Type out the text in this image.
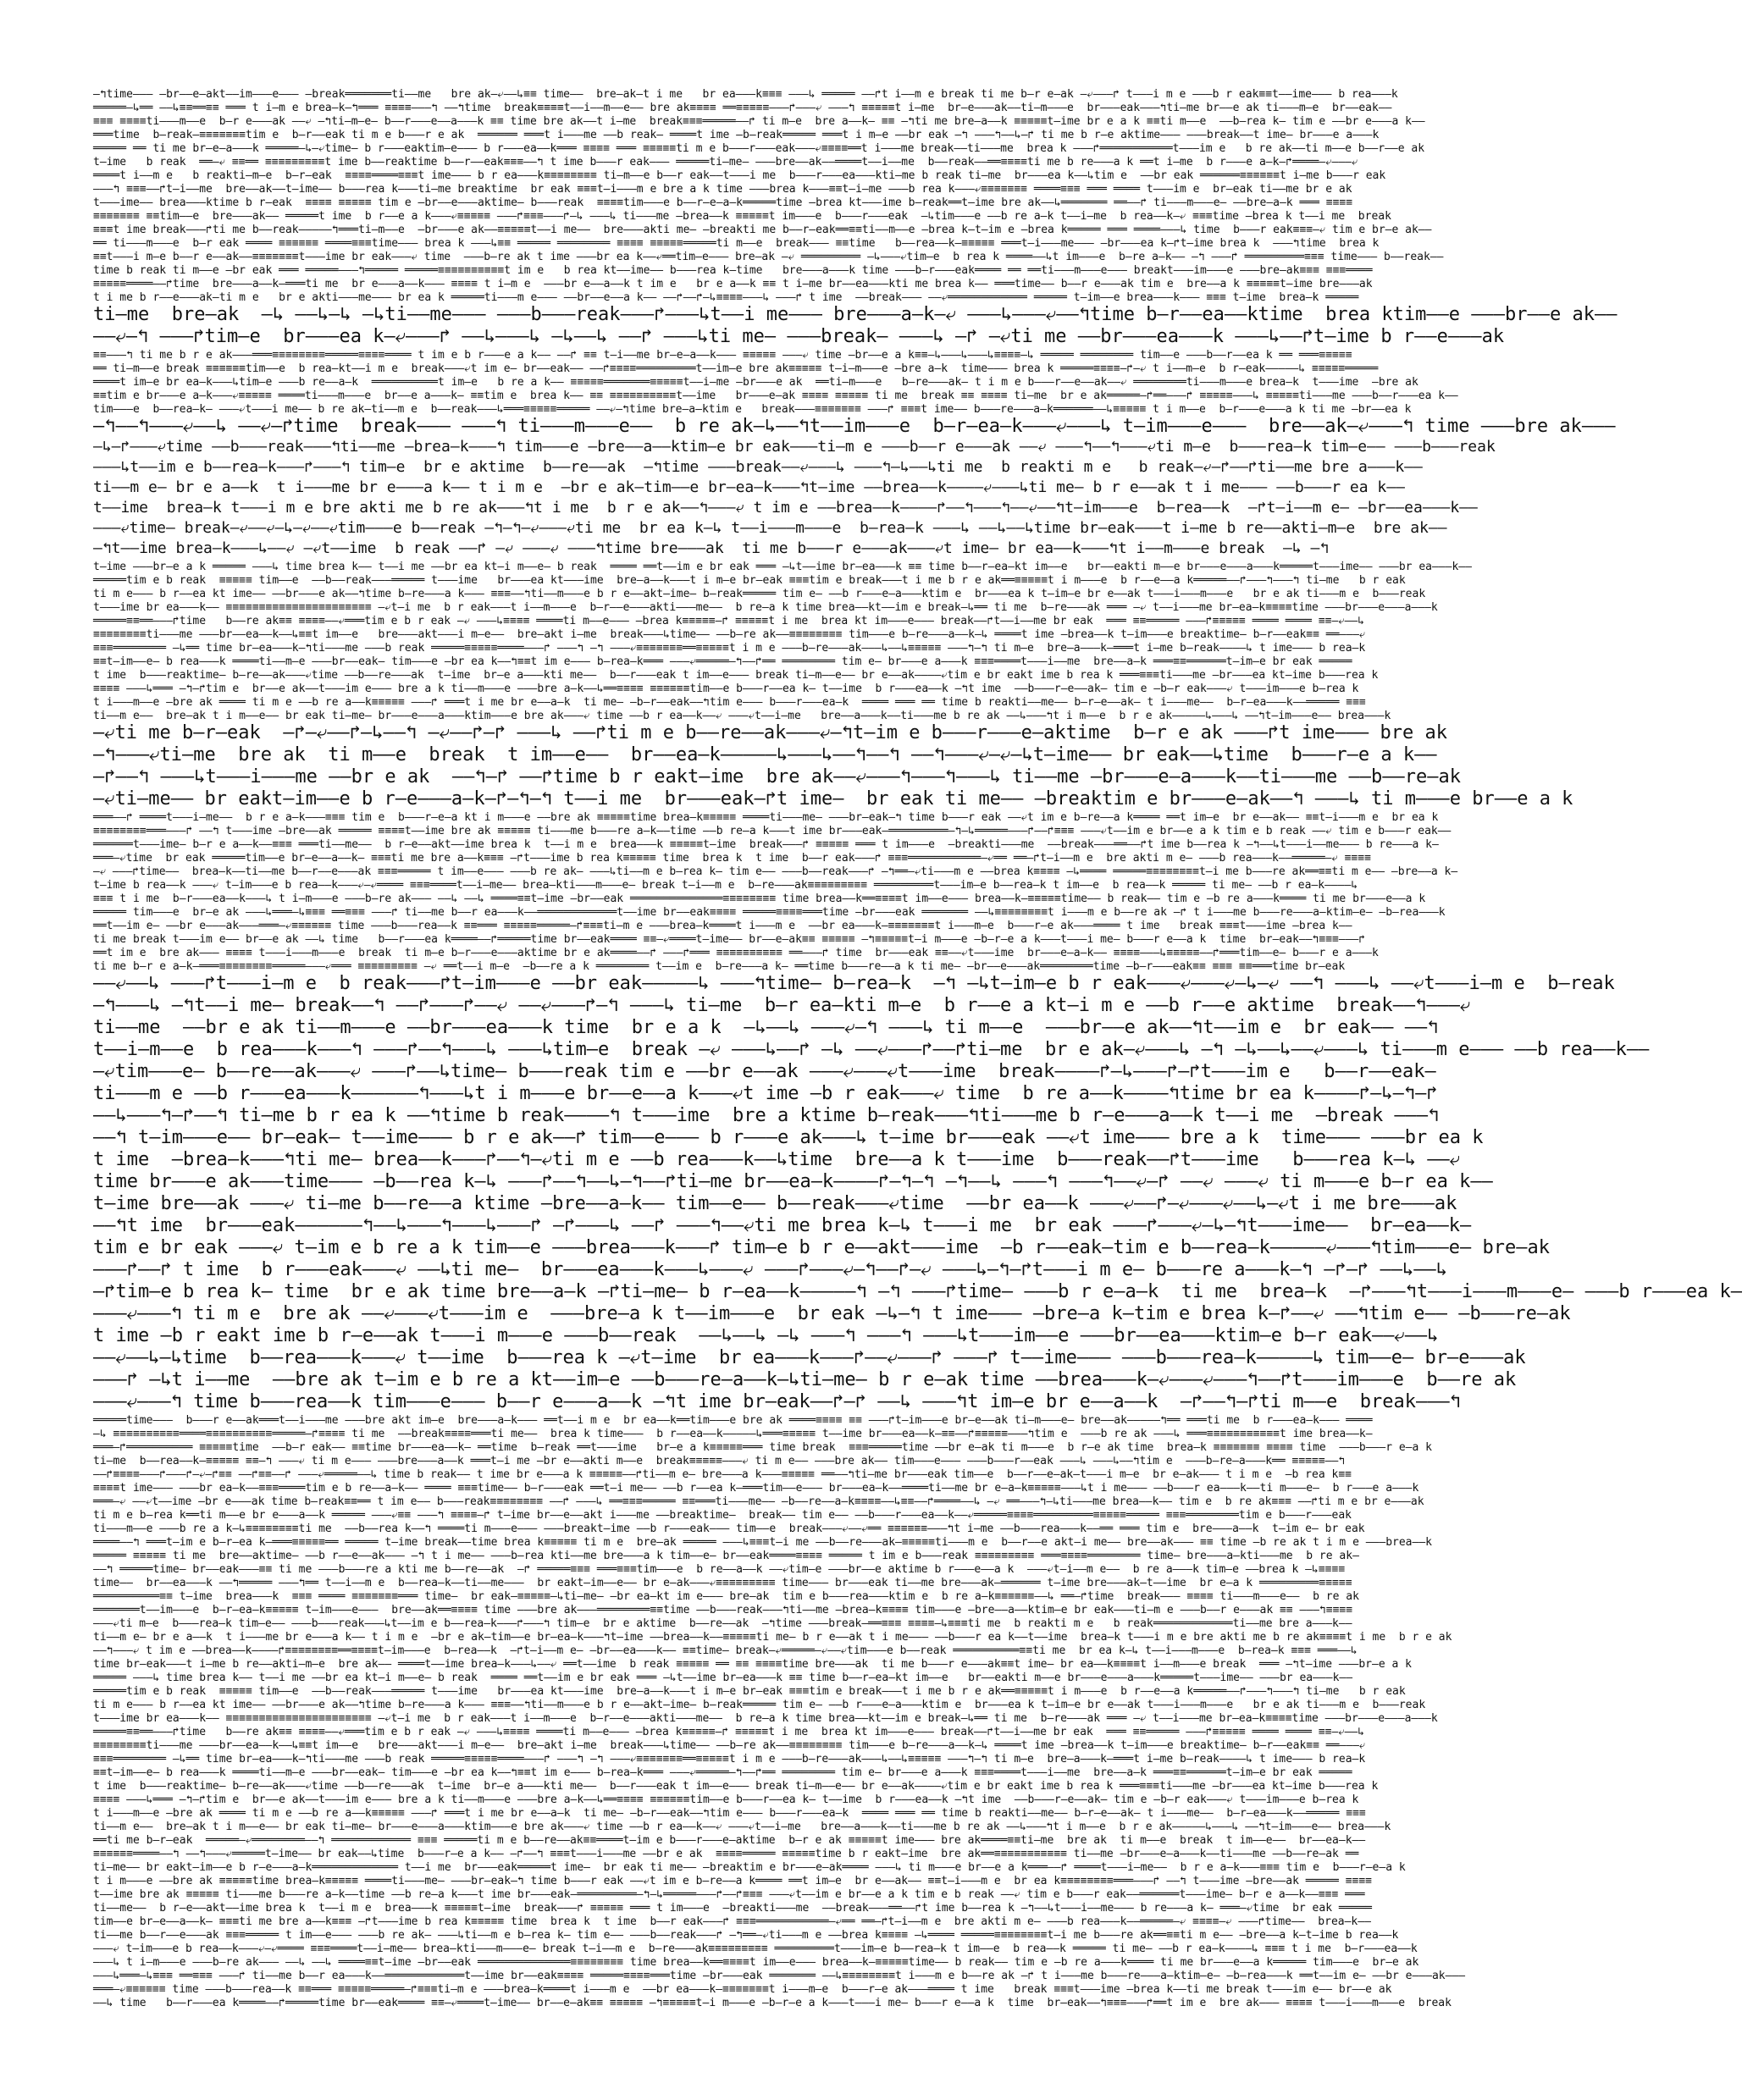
—↰time——— —br——e—akt——im———e——— —break═══════ti——me   bre ak—⤶——↳≡≡ time——  bre—ak—t i me   br ea———k≡≡≡ ———↳ ═════ ——↱t i——m e break ti me b—r e—ak —⤶———↱ t———i m e ———b r eak≡≡t——ime——— b rea———k
═════—↳══ ——↳≡≡══≡≡ ═══ t i—m e brea—k—↰═══ ≡≡≡≡———↰ ——↰time  break≡≡≡≡t——i——m——e—— bre ak≡≡≡≡ ══≡≡≡≡≡———↱———⤶ ———↰ ≡≡≡≡≡t i—me  br—e———ak——ti—m———e  br———eak———↰ti—me br——e ak ti———m—e  br——eak——
≡≡≡ ≡≡≡≡ti———m——e  b—r e———ak ——⤶ —↰ti—m—e— b——r———e——a———k ≡≡ time bre ak——t i—me  break≡≡≡═════——↱ ti m—e  bre a——k— ≡≡ —↰ti me bre—a——k ≡≡≡≡≡t—ime br e a k ≡≡ti m——e  ——b—rea k— tim e ——br e———a k——
═══time  b—reak—≡≡≡≡≡≡≡tim e  b—r——eak ti m e b———r e ak  ══════ ═══t i———me ——b reak— ════t ime —b—reak═════ ═══t i m—e ——br eak —↰ ———↰——↳—↱ ti me b r—e aktime——— ———break——t ime— br———e a———k
═════ ══ ti me br—e—a———k ═════—↳—⤶time— b r———eaktim—e——— b r———ea——k═══ ≡≡≡≡ ═══ ≡≡≡≡≡ti m e b———r———eak———⤶≡≡≡≡══t i———me break——ti———me  brea k ———↱═══════════t———im e   b re ak——ti m——e b——r——e ak
t—ime   b reak  ══—⤶ ≡≡══ ≡≡≡≡≡≡≡≡≡t ime b——reaktime b——r——eak≡≡≡——↰ t ime b———r eak——— ═════ti—me— ———bre——ak——════t——i——me  b——reak——══≡≡≡≡ti me b re———a k ══t i—me  b r———e a—k—↱════—⤶———⤶
════t i——m e   b reakti—m—e  b—r—eak  ≡≡≡≡════≡≡≡t ime——— b r ea———k≡≡≡≡≡≡≡≡ ti—m——e b——r eak——t———i me  b———r———ea———kti—me b reak ti—me  br———ea k——↳tim e  ——br eak ══════≡≡≡≡≡≡t i—me b———r eak
———↰ ≡≡≡——↱t—i——me  bre——ak——t—ime—— b———rea k———ti—me breaktime  br eak ≡≡≡t—i———m e bre a k time ———brea k———≡≡t—i—me ———b rea k———⤶≡≡≡≡≡≡≡ ════≡≡≡ ═══ ════ t———im e  br—eak ti——me br e ak
t———ime—— brea———ktime b r—eak  ≡≡≡≡ ≡≡≡≡≡ tim e —br——e———aktime— b———reak  ≡≡≡≡tim———e b——r—e—a—k═════time —brea kt———ime b—reak══t—ime bre ak——↳═══════ ══——↱ ti———m———e— ——bre—a—k ═══ ≡≡≡≡
≡≡≡≡≡≡≡ ≡≡tim——e  bre———ak—— ═════t ime  b r——e a k———⤶≡≡≡≡≡ ———↱≡≡≡———↱—↳ ———↳ ti———me —brea——k ≡≡≡≡≡t im———e  b———r———eak  —↳tim———e ——b re a—k t——i—me  b rea——k—⤶ ≡≡≡time —brea k t——i me  break
≡≡≡t ime break———↱ti me b——reak—————↰═══ti—m——e  —br———e ak——≡≡≡≡≡t——i me——  bre———akti me— —breakti me b——r—eak══≡≡ti——m——e —brea k—t—im e —brea k═════ ═══ ════———↳ time  b———r eak≡≡≡—⤶ tim e br—e ak——
══ ti———m———e  b—r eak ════ ≡≡≡≡≡≡ ════≡≡≡time——— brea k ———↳≡≡ ═════ ════════ ≡≡≡≡ ≡≡≡≡≡═════ti m——e  break——— ≡≡time   b——rea——k—≡≡≡≡≡ ═══t—i———me——— —br———ea k—↱t—ime brea k  ———↰time  brea k
≡≡t———i m—e b——r e——ak——≡≡≡≡≡≡≡t———ime br eak———⤶ time  ———b—re ak t ime ———br ea k——⤶══tim—e——— bre—ak —⤶ ═════════ —↳———⤶tim—e  b rea k ════——↳t im———e  b—re a—k—— —↰ ———↱ ═════════≡≡≡ time——— b——reak——
time b reak ti m——e —br eak ═══ ═════———↰═════ ═════≡≡≡≡≡≡≡≡≡≡t im e   b rea kt——ime—— b———rea k—time   bre———a———k time ———b—r———eak════ ══ ══ti———m———e——— breakt———im———e ———bre—ak≡≡≡ ≡≡≡════
≡≡≡≡≡════——↱time  bre———a——k—═══ti me  br e———a——k——— ≡≡≡≡ t i—m e  ———br e——a——k t im e   br e a——k ≡≡ t i—me br——ea———kti me brea k—— ═══time—— b——r e———ak tim e  bre——a k ≡≡≡≡≡t—ime bre———ak
t i me b r——e———ak—ti m e   br e akti———me——— br ea k ═════ti———m e——— ——br——e——a k—— ——↱——↱—↳≡≡≡≡———↳ ———↱ t ime  ——break——— ——⤶════════════ ═════ t—im——e brea———k——— ≡≡≡ t—ime  brea—k ═════
ti—me  bre—ak  —↳ ——↳—↳ —↳ti——me——— ———b———reak———↱———↳t——i me——— bre———a—k—⤶ ———↳———⤶——↰time b—r——ea——ktime  brea ktim——e ———br——e ak——
——⤶—↰ ———↱tim—e  br———ea k—⤶———↱ ——↳———↳ —↳——↳ ——↱ ———↳ti me— ———break— ———↳ —↱ —⤶ti me ——br———ea———k ———↳——↱t—ime b r——e———ak
≡≡———↰ ti me b r e ak———═══≡≡≡≡≡≡≡≡═════≡≡≡≡════ t im e b r———e a k—— ——↱ ≡≡ t—i——me br—e—a——k——— ≡≡≡≡≡ ———⤶ time —br——e a k≡≡—↳———↳———↳≡≡≡≡—↳ ═════ ════════ tim——e ———b——r——ea k ══ ═══≡≡≡≡≡
══ ti—m——e break ≡≡≡≡≡≡tim——e  b rea—kt——i m e  break———⤶t im e— br——eak—— ——↱≡≡≡≡═════════t——im—e bre ak≡≡≡≡≡ t—i—m———e —bre a—k  time——— brea k ═════≡≡≡≡—↱—⤶ t i——m—e  b r—eak—————↳ ≡≡≡≡≡═════
════t im—e br ea—k———↳tim—e ———b re——a—k  ══════════t im—e   b re a k—— ≡≡≡≡≡═══════≡≡≡≡≡t——i—me —br———e ak  ══ti—m———e   b—re———ak— t i m e b———r——e——ak——⤶ ════════ti———m———e brea—k  t———ime  —bre ak
≡≡tim e br———e a—k———⤶≡≡≡≡≡ ════ti———m———e  br——e a———k— ≡≡tim e  brea k—— ≡≡ ≡≡≡≡≡≡≡≡≡≡t——ime   br———e—ak ≡≡≡≡ ≡≡≡≡≡ ti me  break ≡≡ ≡≡≡≡ ti—me  br e ak═════—↱══———↱ ≡≡≡≡≡———↳ ≡≡≡≡≡ti———me ———b——r———ea k——
tim———e  b——rea—k— ———⤶t———i me—— b re ak—ti——m e  b——reak———↳═══≡≡≡≡≡═════ ——⤶—↰time bre—a—ktim e   break———≡≡≡≡≡≡≡ ———↱ ≡≡≡t ime—— b———re———a—k══════——↳≡≡≡≡≡ t i m——e  b—r———e———a k ti me —br——ea k
—↰——↰———⤶——↳ ——⤶—↱time  break——— ———↰ ti———m———e——  b re ak—↳——↰t——im———e  b—r—ea—k———⤶———↳ t—im———e———  bre——ak—⤶———↰ time ———bre ak———
—↳—↱———⤶time ——b———reak———↰ti——me —brea—k———↰ tim———e —bre——a——ktim—e br eak———ti—m e ———b——r e———ak ——⤶ ———↰——↰———⤶ti m—e  b———rea—k tim—e—— ———b———reak
———↳t——im e b——rea—k———↱———↰ tim—e  br e aktime  b——re——ak  —↰time ———break——⤶———↳ ———↰—↳——↳ti me  b reakti m e   b reak—⤶—↱——↱ti——me bre a———k——
ti——m e— br e a——k  t i———me br e———a k—— t i m e  —br e ak—tim——e br—ea—k———↰t—ime ——brea——k————⤶———↳ti me— b r e——ak t i me——— ——b———r ea k——
t——ime  brea—k t———i m e bre akti me b re ak———↰t i me  b r e ak——↰———⤶ t im e ——brea——k————↱——↰———↰——⤶——↰t—im———e  b—rea——k  —↱t—i——m e— —br——ea———k——
———⤶time— break—⤶——⤶—↳—⤶——⤶tim———e b——reak —↰—↰—⤶———⤶ti me  br ea k—↳ t——i———m———e  b—rea—k ———↳ ——↳——↳time br—eak———t i—me b re——akti—m—e  bre ak——
—↰t——ime brea—k———↳——⤶ —⤶t——ime  b reak ——↱ —⤶ ———⤶ ———↰time bre———ak  ti me b———r e———ak———⤶t ime— br ea——k———↰t i——m———e break  —↳ —↰
t—ime ———br—e a k ═════ ———↳ time brea k—— t——i me ——br ea kt—i m——e— b reak  ════ ══t——im e br eak ═══ —↳t——ime br—ea———k ≡≡ time b——r—ea—kt im——e   br——eakti m——e br———e———a———k═════t———ime—— ———br ea———k——
═════tim e b reak  ≡≡≡≡≡ tim——e  ——b——reak———═════ t———ime   br———ea kt———ime  bre—a——k———t i m—e br—eak ≡≡≡tim e break———t i me b r e ak══≡≡≡≡≡t i m———e  b r——e——a k═════——↱———↰———↰ ti—me   b r eak
ti m e——— b r——ea kt ime—— ——br———e ak——↰time b—re———a k——— ≡≡≡——↰ti——m———e b r e——akt—ime— b—reak═════ tim e— ——b r———e—a———ktim e  br———ea k t—im—e br e——ak t———i———m———e   br e ak ti———m e  b———reak
t———ime br ea———k—— ≡≡≡≡≡≡≡≡≡≡≡≡≡≡≡≡≡≡≡≡≡≡ —⤶t—i me  b r eak———t i——m———e  b—r——e———akti———me——  b re—a k time brea——kt——im e break—↳══ ti me  b—re———ak ═══ —⤶ t——i———me br—ea—k≡≡≡≡time ———br———e———a———k
═════≡≡══———↱time   b——re ak≡≡ ≡≡≡≡——⤶═══tim e b r eak —⤶ ———↳≡≡≡≡ ════ti m——e——— —brea k≡≡≡≡≡—↱ ≡≡≡≡≡t i me  brea kt im———e——— break——↱t——i——me br eak  ═══ ≡≡═════ ———↱≡≡≡≡≡ ════ ════ ≡≡—⤶——↳
≡≡≡≡≡≡≡≡ti———me ———br——ea——k——↳≡≡t im——e   bre———akt———i m—e——  bre—akt i—me  break———↳time—— ——b—re ak——≡≡≡≡≡≡≡≡ tim———e b—re———a——k—↳ ════t ime —brea——k t—im———e breaktime— b—r——eak≡≡ ══———⤶
≡≡≡════════ —↳══ time br—ea———k—↰ti———me ———b reak ═════≡≡≡≡≡════———↱ ———↰ —↰ ———⤶≡≡≡≡≡≡≡══≡≡≡≡≡t i m e ———b—re———ak———↳——↳≡≡≡≡≡ ———↰—↰ ti m—e  bre—a———k—═══t i—me b—reak————↳ t ime——— b rea—k
≡≡t—im——e— b rea———k ════ti——m—e ———br——eak— tim———e —br ea k——↰≡≡t im e——— b—rea—k═══ ———⤶═════—↰——↱══ ════════ tim e— br———e a———k ≡≡≡════t———i——me  bre——a—k ═══≡≡══════t—im—e br eak ═════
t ime  b———reaktime— b—re——ak———⤶time ——b——re———ak  t—ime  br—e a———kti me——  b——r———eak t im——e——— break ti—m——e—— br e——ak————⤶tim e br eakt ime b rea k ═══≡≡≡ti———me —br———ea kt—ime b———rea k
≡≡≡≡ ———↳═══ —↰—↱tim e  br——e ak——t———im e——— bre a k ti——m———e ———bre a—k——↳══≡≡≡≡ ≡≡≡≡≡≡tim——e b———r——ea k— t——ime  b r———ea——k —↰t ime  ——b———r—e——ak— tim e —b—r eak———⤶ t———im———e b—rea k
t i———m——e —bre ak ════ ti m e ——b re a——k≡≡≡≡≡ ———↱ ═══t i me br e——a—k  ti me— —b—r——eak——↰tim e——— b———r———ea—k  ════ ═══ ══ time b reakti——me—— b—r—e——ak— t i———me——  b—r—ea———k——═════ ≡≡≡
ti——m e——  bre—ak t i m——e—— br eak ti—me— br———e———a———ktim———e bre ak———⤶ time ——b r ea——k——⤶ ———⤶t——i—me   bre——a———k——ti———me b re ak ——↳———↰t i m——e  b r e ak—————↳———↳ ——↰t—im———e—— brea———k
—⤶ti me b—r—eak  —↱—⤶——↱—↳——↰ —⤶——↱—↱ ———↳ ——↱ti m e b——re——ak———⤶—↰t—im e b———r———e—aktime  b—r e ak ———↱t ime——— bre ak
—↰———⤶ti—me  bre ak  ti m——e  break  t im——e——  br——ea—k—————↳———↳——↰——↰ ——↰———⤶—⤶—↳t—ime—— br eak——↳time  b———r—e a k——
—↱——↰ ———↳t———i———me ——br e ak  ——↰—↱ ——↱time b r eakt—ime  bre ak——⤶———↰———↰———↳ ti——me —br———e—a———k——ti———me ——b——re—ak
—⤶ti—me—— br eakt—im——e b r—e———a—k—↱—↰—↰ t——i me  br———eak—↱t ime—  br eak ti me—— —breaktim e br———e—ak——↰ ———↳ ti m———e br——e a k
═══——↱ ════t———i—me——  b r e a—k———≡≡≡ tim e  b———r—e—a kt i m———e ——bre ak ≡≡≡≡≡time brea—k≡≡≡≡≡ ════ti———me— ———br—eak—↰ time b———r eak ——⤶t im e b—re——a k════ ══t im—e  br e——ak—— ≡≡t—i———m e  br ea k
≡≡≡≡≡≡≡≡═══———↱ ——↰ t———ime —bre——ak ═════ ≡≡≡≡t——ime bre ak ≡≡≡≡≡ ti———me b———re a—k——time ——b re—a k———t ime br———eak—═════════—↰—↳═════———↱——↱≡≡≡ ———⤶t——im e br——e a k tim e b reak ——⤶ tim e b———r eak——
══════t———ime— b—r e a——k——≡≡≡ ═══ti——me——  b r—e——akt——ime brea k  t——i m e  brea———k ≡≡≡≡≡t—ime  break———↱ ≡≡≡≡≡ ═══ t im———e  —breakti———me  ——break———══——↱t ime b——rea k —↰——↳t———i——me——— b re———a k—
═══—⤶time  br eak ═════tim——e br—e——a——k— ≡≡≡ti me bre a——k≡≡≡ —↱t———ime b rea k≡≡≡≡≡ time  brea k  t ime  b——r eak———↱ ≡≡≡═══════════—⤶══ ══—↱t—i——m e  bre akti m e— ———b rea———k——═════—⤶ ≡≡≡≡
—⤶ ———↱time——  brea—k——ti——me b——r——e———ak ≡≡≡═════ t im——e——— ———b re ak— ———↳ti——m e b—rea k— tim e—— ———b——reak———↱ —↰══—⤶ti———m e ——brea k≡≡≡≡ —↳════ ═════≡≡≡≡≡≡≡≡t—i me b———re ak══≡≡ti m e—— —bre——a k—
t—ime b rea——k ———⤶ t—im———e b rea——k———⤶—⤶════ ≡≡≡════t——i—me—— brea—kti———m———e— break t—i——m e  b—re———ak≡≡≡≡≡≡≡≡≡ ═════════t———im—e b——rea—k t im——e  b rea——k ═════ ti me— ——b r ea—k————↳
≡≡≡ t i me  b—r———ea——k———↳ t i—m———e ———b—re ak——— ——↳ ——↳ ════≡≡t—ime —br——eak ══════════════≡≡≡≡≡≡≡≡ time brea——k══≡≡≡≡t im——e——— brea——k—≡≡≡≡≡time—— b reak—— tim e —b re a———k════ ti me br———e——a k
═════ tim———e  br—e ak ———↳═══—↳≡≡≡ ══≡≡≡ ———↱ ti——me b——r ea———k——════════════t——ime br——eak≡≡≡≡ ═════≡≡≡≡═══time —br———eak ═══════ ——↳≡≡≡≡≡≡≡≡t i———m e b——re ak —↱ t i———me b———re———a—ktim—e— —b—rea———k
══t——im e— ——br e———ak———═══—⤶≡≡≡≡≡≡ time ———b———rea——k ≡≡═══ ≡≡≡≡≡═════—↱≡≡≡ti—m e ———brea—k════t i———m e  ——br ea———k—≡≡≡≡≡≡≡t i———m—e  b———r—e ak———════ t ime   break ≡≡≡t———ime —brea k——
ti me break t———im e—— br——e ak ——↳ time   b——r———ea k════——↱═════time br——eak════ ≡≡—⤶════t—ime—— br——e—ak≡≡ ≡≡≡≡≡ —↰≡≡≡≡≡t—i m———e —b—r—e a k———t———i me— b———r e——a k  time  br—eak——↰≡≡≡———↱
══t im e  bre ak——— ≡≡≡≡ t———i———m———e  break  ti m—e b—r———e———aktime br e ak════——↱ ———↱═══ ≡≡≡≡≡≡≡≡≡≡ ══———↱ time  br———eak ≡≡——⤶t———ime  br———e—a—k—— ≡≡≡≡———↳≡≡≡≡≡——↱═══tim——e— b———r e a———k
ti me b—r e a—k—═══≡≡≡≡≡≡≡≡═════———⤶═══ ≡≡≡≡≡≡≡≡≡ —⤶ ══t——i m—e  —b——re a k ════════ t——im e  b—re———a k— ══time b———re——a k ti me— —br——e———ak════════time —b—r———eak≡≡ ≡≡≡ ≡≡═══time br—eak
——⤶——↳ ———↱t———i—m e  b reak———↱t—im———e ——br eak—————↳ ———↰time— b—rea—k  —↰ —↳t—im—e b r eak———⤶———⤶—↳—⤶ ——↰ ———↳ ——⤶t———i—m e  b—reak
—↰———↳ —↰t——i me— break——↰ ——↱———↱——⤶ ——⤶———↱—↰ ———↳ ti—me  b—r ea—kti m—e  b r——e a kt—i m e ——b r——e aktime  break——↰———⤶
ti——me  ——br e ak ti——m———e ——br———ea———k time  br e a k  —↳——↳ ———⤶—↰ ———↳ ti m——e  ———br——e ak——↰t——im e  br eak—— ——↰
t——i—m——e  b rea———k———↰ ———↱——↰———↳ ———↳tim—e  break —⤶ ———↳——↱ —↳ ——⤶———↱——↱ti—me  br e ak—⤶———↳ —↰ —↳——↳——⤶———↳ ti———m e——— ——b rea——k——
—⤶tim———e— b——re——ak———⤶ ———↱——↳time— b———reak tim e ——br e——ak ———⤶———⤶t———ime  break————↱—↳———↱—↱t———im e   b——r——eak—
ti———m e ——b r———ea———k——————↰———↳t i m———e br——e——a k———⤶t ime —b r eak———⤶ time  b re a——k————↰time br ea k————↱—↳—↰—↱
——↳———↰—↱——↰ ti—me b r ea k ——↰time b reak————↰ t———ime  bre a ktime b—reak———↰ti———me b r—e———a——k t——i me  —break ———↰
——↰ t—im———e—— br—eak— t——ime——— b r e ak——↱ tim——e——— b r———e ak———↳ t—ime br———eak ——⤶t ime——— bre a k  time——— ———br ea k
t ime  —brea—k———↰ti me— brea——k———↱——↰—⤶ti m e ——b rea———k——↳time  bre——a k t———ime  b———reak——↱t———ime   b———rea k—↳ ——⤶
time br———e ak———time——— —b——rea k—↳ ———↱——↰——↳—↰——↱ti—me br——ea—k————↱—↰—↰ —↰——↳ ———↰ ———↰——⤶—↱ ——⤶ ———⤶ ti m———e b—r ea k——
t—ime bre——ak ———⤶ ti—me b——re——a ktime —bre——a—k—— tim——e—— b——reak———⤶time  ——br ea——k ———⤶——↱—⤶———⤶——↳—⤶t i me bre———ak
——↰t ime  br———eak——————↰——↳———↰———↳———↱ —↱———↳ ——↱ ———↰——⤶ti me brea k—↳ t———i me  br eak ———↱———⤶—↳—↰t———ime——  br—ea——k—
tim e br eak ———⤶ t—im e b re a k tim——e ———brea———k———↱ tim—e b r e——akt———ime  —b r——eak—tim e b——rea—k—————⤶———↰tim———e— bre—ak
———↱——↱ t ime  b r———eak———⤶ ——↳ti me—  br———ea———k———↳———⤶ ———↱———⤶—↰——↱—⤶ ———↳—↰—↱t———i m e— b———re a———k—↰ —↱—↱ ——↳——↳
—↱tim—e b rea k— time  br e ak time bre——a—k —↱ti—me— b r—ea——k—————↰ —↰ ———↱time— ———b r e—a—k  ti me  brea—k  —↱———↰t———i———m———e— ———b r———ea k—
———⤶———↰ ti m e  bre ak ——⤶———⤶t———im e  ———bre—a k t——im———e  br eak —↳—↰ t ime——— —bre—a k—tim e brea k—↱——⤶ ——↰tim e—— —b———re—ak
t ime —b r eakt ime b r—e——ak t———i m———e ———b——reak  ——↳——↳ —↳ ———↰ ———↰ ———↳t———im——e ———br——ea———ktim—e b—r eak——⤶——↳
——⤶——↳—↳time  b——rea———k———⤶ t——ime  b———rea k —⤶t—ime  br ea———k———↱——⤶———↱ ———↱ t——ime——— ———b———rea—k—————↳ tim——e— br—e———ak
———↱ —↳t i——me  ——bre ak t—im e b re a kt——im—e ——b———re—a——k—↳ti—me— b r e—ak time ——brea———k—⤶———⤶———↰——↱t———im———e  b——re ak
———⤶———↰ time b———rea——k tim———e——— b——r e———a——k —↰t ime br—eak——↱—↱ ——↳ ———↰t im—e br e——a——k  —↱——↰—↱ti m——e  break———↰
═════time———  b———r e——ak═══t——i———me ———bre akt im—e  bre———a—k——— ══t——i m e  br ea——k══tim———e bre ak ════≡≡≡≡ ≡≡ ———↱t—im———e br—e——ak ti—m———e— bre——ak—————↰══ ═══ti me  b r———ea—k——— ════
—↳ ≡≡≡≡≡≡≡≡≡≡════≡≡≡≡≡≡≡≡≡≡═════—↱≡≡≡≡ ti me  ——break≡≡≡≡═══ti me——  brea k time———  b r——ea——k—————↳═══≡≡≡≡≡ t——ime br———ea——k—≡≡——↱≡≡≡≡≡———↰tim e  ———b re ak ———↳ ═══≡≡≡≡≡≡≡≡≡≡≡t ime brea——k—
═══—↱══════════ ≡≡≡≡≡time  ——b—r eak—— ≡≡time br———ea——k— ══time  b—reak ══t———ime   br—e a k≡≡≡≡≡═══ time break  ≡≡≡═════time ——br e—ak ti m———e  b r—e ak time  brea—k ≡≡≡≡≡≡≡ ≡≡≡≡ time  ———b———r e—a k
ti—me  b——rea——k—≡≡≡≡≡ ≡≡—↰ ———⤶ ti m e——— ———bre———a——k ═══t—i me —br e——akti m——e  break≡≡≡≡≡———⤶ ti m e—— ———bre ak—— tim———e——— ———b———r——eak ———↳ ———↳——↰tim e  ———b—re—a———k══ ≡≡≡≡≡——↰
——↱≡≡≡≡———↱———↱—⤶—↱≡≡ ——↱≡≡——↱ ———⤶═════——↳ time b reak—— t ime br e———a k ≡≡≡≡≡——↱ti——m e— bre———a k———≡≡≡≡≡ ══——↰ti—me br———eak tim——e  b——r——e—ak—t———i m—e  br e—ak——— t i m e  —b rea k≡≡
≡≡≡≡t ime——— ———br ea—k——≡≡≡════tim e b re——a—k—— ════ ≡≡≡time—— b—r———eak ══t—i me—— ——b r——ea k—═══tim——e——— br———ea—k——════ti——me br e—a—k≡≡≡≡≡———↳t i me——— ——b———r ea———k——ti m———e—  b r———e a———k
═══—⤶ ——⤶t——ime —br e———ak time b—reak≡≡══ t im e—— b———reak≡≡≡≡≡≡≡≡ ——↱ ———↳ ══≡≡≡═════ ≡≡═══ti———me—— —b——re——a—k≡≡≡≡——↳≡≡——↱════——↳ —⤶ ══———↰—↳ti———me brea——k—— tim e  b re ak≡≡≡ ——↱ti m e br e———ak
ti m e b—rea k══ti m——e br e———a——k ═════ ———⤶≡≡ ———↰ ≡≡≡≡—↱ t—ime br——e——akt i———me ——breaktime—  break—— tim e—— ——b———r———ea——k——⤶═════≡≡≡≡═════════≡≡≡≡≡═════ ≡≡≡════════tim e b———r———eak
ti———m——e ———b re a k—↳≡≡≡≡≡≡≡≡ti me  ——b——rea k——↰ ════ti m———e——— ———breakt—ime ——b r———eak——— tim——e  break———⤶——⤶══ ≡≡≡≡≡≡———↰t i—me ——b———rea———k——══ ═══ tim e  bre———a——k  t—im e— br eak
════——↰ ═══t—im e b—r—ea k—═══≡≡≡≡≡══ ═════ t—ime break——time brea k≡≡≡≡≡ ti m e  bre—ak ═════ ———↳≡≡≡t—i me ——b——re———ak—≡≡≡≡≡ti———m e  b——r——e akt—i me—— bre——ak——— ≡≡ time —b re ak t i m e ———brea——k
═════ ≡≡≡≡≡ ti me  bre——aktime— ——b r——e——ak——— —↰ t i me—— ———b—rea kti——me bre———a k tim——e— br——eak════≡≡≡≡ ═════ t im e b———reak ≡≡≡≡≡≡≡≡≡ ═══≡≡≡≡════════ time— bre———a—kti———me  b re ak—
——↰ ═════time— br——eak———≡≡ ti me ———b———re a kti me b——re——ak  —↱ ═════≡≡≡ ═══≡≡≡tim———e  b re——a——k ——⤶tim—e ———br——e aktime b r———e——a k  ———⤶t—i——m e——  b re a———k tim—e ——brea k —↳≡≡≡≡
time——  br——ea———k ——↰═════ ———↰══ t——i——m e  b——rea—k——ti——me———  br eakt—im——e—— br e—ak———⤶≡≡≡≡≡≡≡≡≡ time——— br———eak ti——me bre———ak—══════ t—ime bre———ak—t——ime  br e—a k ═════════≡≡≡≡≡
══════════≡≡ t—ime  brea———k  ≡≡≡ ════ ≡≡≡≡≡≡≡═══ time—  br eak—≡≡≡≡≡—↳ti—me— —br ea—kt im e——— bre—ak  tim e b———rea———ktim e  b re a—k≡≡≡≡≡≡——↳ ══—↱time  break——— ≡≡≡≡ ti———m———e——  b re ak
═══════t——im———e  b—r—ea—k≡≡≡≡≡ t—im———e———  bre——ak══≡≡≡≡ time ———bre ak———════════≡≡time ——b———reak———↰ti——me —brea—k≡≡≡≡ tim———e —bre——a——ktim—e br eak———ti—m e ———b——r e———ak ≡≡ ———↰≡≡≡≡
———⤶ti m—e  b———rea—k tim—e—— ———b———reak———↳t——im e b——rea—k———↱———↰ tim—e  br e aktime  b——re——ak  —↰time ———break—══≡≡≡ ≡≡≡≡—↳≡≡≡ti me  b reakti m e   b reak════════════ti——me bre a———k——
ti——m e— br e a——k  t i———me br e———a k—— t i m e  —br e ak—tim——e br—ea—k———↰t—ime ——brea——k——≡≡≡≡≡ti me— b r e——ak t i me——— ——b———r ea k——t——ime  brea—k t———i m e bre akti me b re ak≡≡≡≡t i me  b r e ak
——↰———⤶ t im e ——brea——k————↱≡≡≡≡≡≡≡≡══≡≡≡≡t—im———e  b—rea——k  —↱t—i——m e— —br——ea———k—— ≡≡time— break—⤶═════—⤶——⤶tim———e b——reak ══════════≡≡ti me  br ea k—↳ t——i———m———e  b—rea—k ≡≡≡ ═══——↳
time br—eak———t i—me b re——akti—m—e  bre ak—— ════t——ime brea—k———↳——⤶ ══t——ime  b reak ≡≡≡≡≡ ══ ≡≡ ≡≡≡≡time bre———ak  ti me b———r e———ak≡≡t ime— br ea——k≡≡≡≡t i——m———e break  ═══ —↰t—ime ———br—e a k
═════ ———↳ time brea k—— t——i me ——br ea kt—i m——e— b reak  ════ ══t——im e br eak ═══ —↳t——ime br—ea———k ≡≡ time b——r—ea—kt im——e   br——eakti m——e br———e———a———k═════t———ime—— ———br ea———k——
═════tim e b reak  ≡≡≡≡≡ tim——e  ——b——reak———═════ t———ime   br———ea kt———ime  bre—a——k———t i m—e br—eak ≡≡≡tim e break———t i me b r e ak══≡≡≡≡≡t i m———e  b r——e——a k═════——↱———↰———↰ ti—me   b r eak
ti m e——— b r——ea kt ime—— ——br———e ak——↰time b—re———a k——— ≡≡≡——↰ti——m———e b r e——akt—ime— b—reak═════ tim e— ——b r———e—a———ktim e  br———ea k t—im—e br e——ak t———i———m———e   br e ak ti———m e  b———reak
t———ime br ea———k—— ≡≡≡≡≡≡≡≡≡≡≡≡≡≡≡≡≡≡≡≡≡≡ —⤶t—i me  b r eak———t i——m———e  b—r——e———akti———me——  b re—a k time brea——kt——im e break—↳══ ti me  b—re———ak ═══ —⤶ t——i———me br—ea—k≡≡≡≡time ———br———e———a———k
═════≡≡══———↱time   b——re ak≡≡ ≡≡≡≡——⤶═══tim e b r eak —⤶ ———↳≡≡≡≡ ════ti m——e——— —brea k≡≡≡≡≡—↱ ≡≡≡≡≡t i me  brea kt im———e——— break——↱t——i——me br eak  ═══ ≡≡═════ ———↱≡≡≡≡≡ ════ ════ ≡≡—⤶——↳
≡≡≡≡≡≡≡≡ti———me ———br——ea——k——↳≡≡t im——e   bre———akt———i m—e——  bre—akt i—me  break———↳time—— ——b—re ak——≡≡≡≡≡≡≡≡ tim———e b—re———a——k—↳ ════t ime —brea——k t—im———e breaktime— b—r——eak≡≡ ══———⤶
≡≡≡════════ —↳══ time br—ea———k—↰ti———me ———b reak ═════≡≡≡≡≡════———↱ ———↰ —↰ ———⤶≡≡≡≡≡≡≡══≡≡≡≡≡t i m e ———b—re———ak———↳——↳≡≡≡≡≡ ———↰—↰ ti m—e  bre—a———k—═══t i—me b—reak————↳ t ime——— b rea—k
≡≡t—im——e— b rea———k ════ti——m—e ———br——eak— tim———e —br ea k——↰≡≡t im e——— b—rea—k═══ ———⤶═════—↰——↱══ ════════ tim e— br———e a———k ≡≡≡════t———i——me  bre——a—k ═══≡≡══════t—im—e br eak ═════
t ime  b———reaktime— b—re——ak———⤶time ——b——re———ak  t—ime  br—e a———kti me——  b——r———eak t im——e——— break ti—m——e—— br e——ak————⤶tim e br eakt ime b rea k ═══≡≡≡ti———me —br———ea kt—ime b———rea k
≡≡≡≡ ———↳═══ —↰—↱tim e  br——e ak——t———im e——— bre a k ti——m———e ———bre a—k——↳══≡≡≡≡ ≡≡≡≡≡≡tim——e b———r——ea k— t——ime  b r———ea——k —↰t ime  ——b———r—e——ak— tim e —b—r eak———⤶ t———im———e b—rea k
t i———m——e —bre ak ════ ti m e ——b re a——k≡≡≡≡≡ ———↱ ═══t i me br e——a—k  ti me— —b—r——eak——↰tim e——— b———r———ea—k  ════ ═══ ══ time b reakti——me—— b—r—e——ak— t i———me——  b—r—ea———k——═════ ≡≡≡
ti——m e——  bre—ak t i m——e—— br eak ti—me— br———e———a———ktim———e bre ak———⤶ time ——b r ea——k——⤶ ———⤶t——i—me   bre——a———k——ti———me b re ak ——↳———↰t i m——e  b r e ak—————↳———↳ ——↰t—im———e—— brea———k
══ti me b—r—eak  ═════—⤶════════——↰ ════════════ ≡≡≡ ═════ti m e b——re——ak≡≡════t—im e b———r———e—aktime  b—r e ak ≡≡≡≡≡t ime——— bre ak════≡≡ti—me  bre ak  ti m——e  break  t im——e——  br——ea—k——
≡≡≡≡≡≡════——↰ ——↰———⤶═════t—ime—— br eak——↳time  b———r—e a k—— —↱——↰ ≡≡≡t———i———me ——br e ak  ≡≡≡≡═════ ≡≡≡≡≡time b r eakt—ime  bre ak══≡≡≡≡≡≡≡≡≡≡≡ ti——me —br———e—a———k——ti———me ——b——re—ak ══
ti—me—— br eakt—im——e b r—e———a—k═════════════ t——i me  br———eak═════t ime—  br eak ti me—— —breaktim e br———e—ak════ ———↳ ti m———e br——e a k═══——↱ ════t———i—me——  b r e a—k———≡≡≡ tim e  b———r—e—a k
t i m———e ——bre ak ≡≡≡≡≡time brea—k≡≡≡≡≡ ════ti———me— ———br—eak—↰ time b———r eak ——⤶t im e b—re——a k════ ══t im—e  br e——ak—— ≡≡t—i———m e  br ea k≡≡≡≡≡≡≡≡═══———↱ ——↰ t———ime —bre——ak ═════ ≡≡≡≡
t——ime bre ak ≡≡≡≡≡ ti———me b———re a—k——time ——b re—a k———t ime br———eak—═════════—↰—↳═════———↱——↱≡≡≡ ———⤶t——im e br——e a k tim e b reak ——⤶ tim e b———r eak——══════t———ime— b—r e a——k——≡≡≡ ═══
ti——me——  b r—e——akt——ime brea k  t——i m e  brea———k ≡≡≡≡≡t—ime  break———↱ ≡≡≡≡≡ ═══ t im———e  —breakti———me  ——break———══——↱t ime b——rea k —↰——↳t———i——me——— b re———a k— ═══—⤶time  br eak ═════
tim——e br—e——a——k— ≡≡≡ti me bre a——k≡≡≡ —↱t———ime b rea k≡≡≡≡≡ time  brea k  t ime  b——r eak———↱ ≡≡≡═══════════—⤶══ ══—↱t—i——m e  bre akti m e— ———b rea———k——═════—⤶ ≡≡≡≡—⤶ ———↱time——  brea—k——
ti——me b——r——e———ak ≡≡≡═════ t im——e——— ———b re ak— ———↳ti——m e b—rea k— tim e—— ———b——reak———↱ —↰══—⤶ti———m e ——brea k≡≡≡≡ —↳════ ═════≡≡≡≡≡≡≡≡t—i me b———re ak══≡≡ti m e—— —bre——a k—t—ime b rea——k
———⤶ t—im———e b rea——k———⤶—⤶════ ≡≡≡════t——i—me—— brea—kti———m———e— break t—i——m e  b—re———ak≡≡≡≡≡≡≡≡≡ ═════════t———im—e b——rea—k t im——e  b rea——k ═════ ti me— ——b r ea—k————↳ ≡≡≡ t i me  b—r———ea——k
———↳ t i—m———e ———b—re ak——— ——↳ ——↳ ════≡≡t—ime —br——eak ══════════════≡≡≡≡≡≡≡≡ time brea——k══≡≡≡≡t im——e——— brea——k—≡≡≡≡≡time—— b reak—— tim e —b re a———k════ ti me br———e——a k═════ tim———e  br—e ak
———↳═══—↳≡≡≡ ══≡≡≡ ———↱ ti——me b——r ea———k——════════════t——ime br——eak≡≡≡≡ ═════≡≡≡≡═══time —br———eak ═══════ ——↳≡≡≡≡≡≡≡≡t i———m e b——re ak —↱ t i———me b———re———a—ktim—e— —b—rea———k ══t——im e— ——br e———ak———
═══—⤶≡≡≡≡≡≡ time ———b———rea——k ≡≡═══ ≡≡≡≡≡═════—↱≡≡≡ti—m e ———brea—k════t i———m e  ——br ea———k—≡≡≡≡≡≡≡t i———m—e  b———r—e ak———════ t ime   break ≡≡≡t———ime —brea k——ti me break t———im e—— br——e ak
——↳ time   b——r———ea k════——↱═════time br——eak════ ≡≡—⤶════t—ime—— br——e—ak≡≡ ≡≡≡≡≡ —↰≡≡≡≡≡t—i m———e —b—r—e a k———t———i me— b———r e——a k  time  br—eak——↰≡≡≡———↱══t im e  bre ak——— ≡≡≡≡ t———i———m———e  break
